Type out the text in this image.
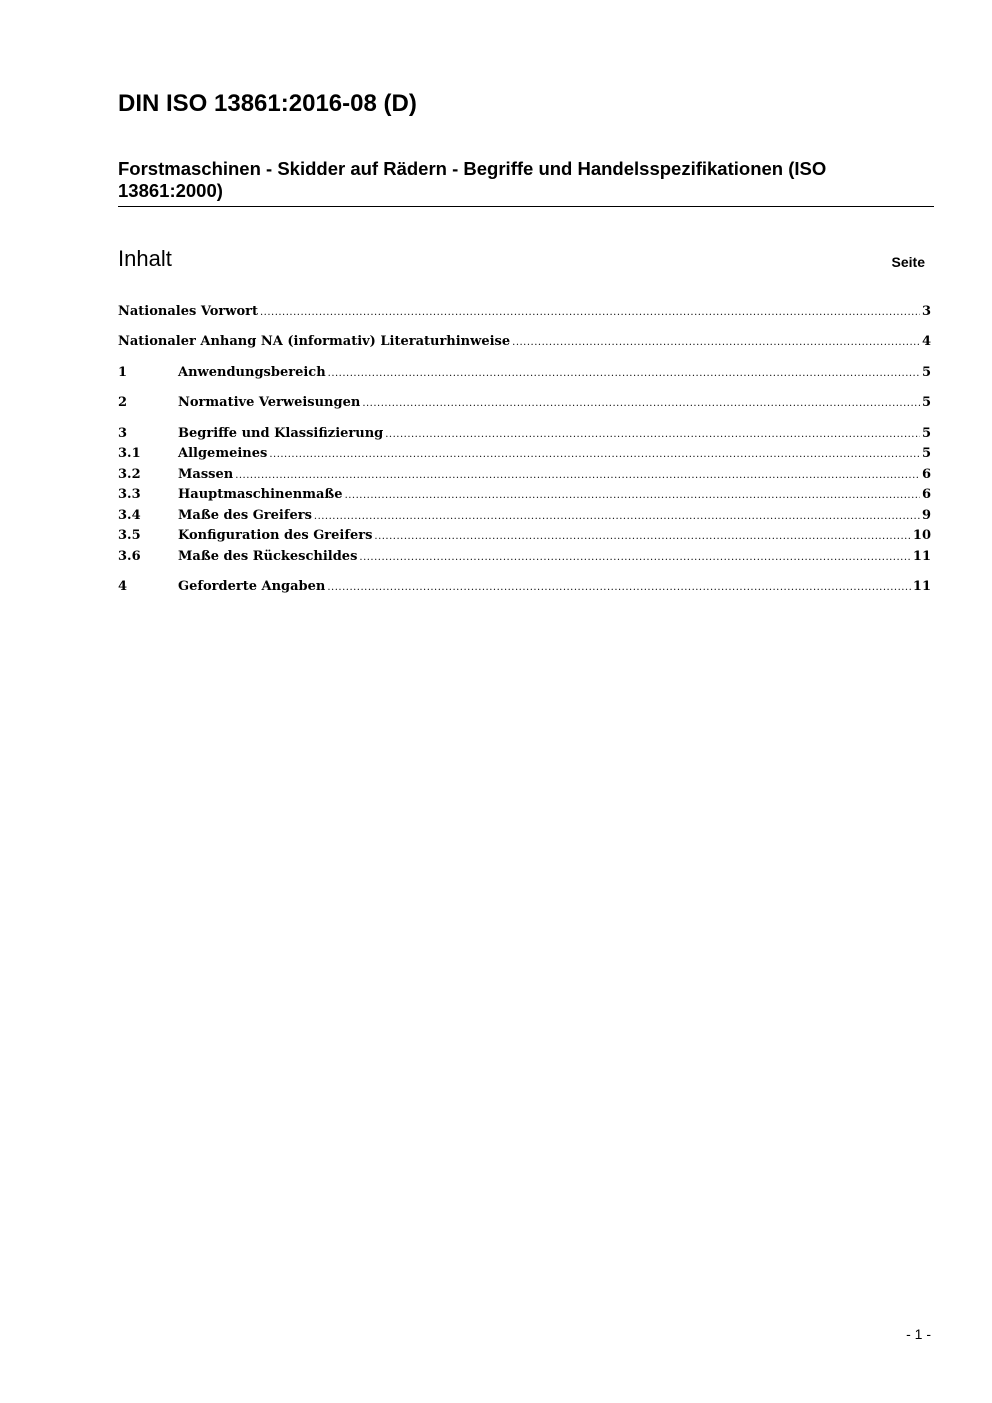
DIN ISO 13861:2016-08 (D)
Forstmaschinen - Skidder auf Rädern - Begriffe und Handelsspezifikationen (ISO 13861:2000)
Inhalt	Seite
Nationales Vorwort .....	3
Nationaler Anhang NA (informativ) Literaturhinweise .....	4
1	Anwendungsbereich .....	5
2	Normative Verweisungen .....	5
3	Begriffe und Klassifizierung .....	5
3.1	Allgemeines .....	5
3.2	Massen .....	6
3.3	Hauptmaschinenmaße .....	6
3.4	Maße des Greifers .....	9
3.5	Konfiguration des Greifers .....	10
3.6	Maße des Rückeschildes .....	11
4	Geforderte Angaben .....	11
- 1 -
